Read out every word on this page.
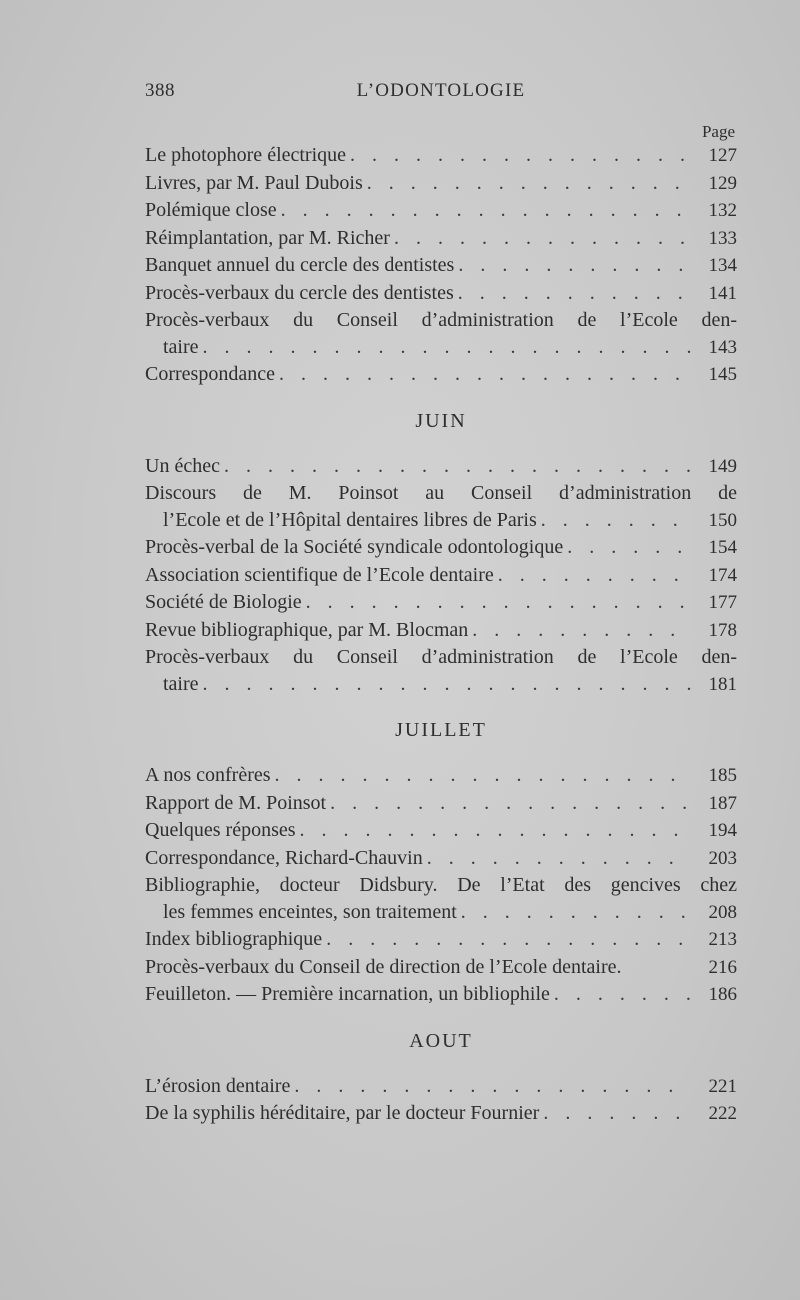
388	L’ODONTOLOGIE
Page
Le photophore électrique . . .	127
Livres, par M. Paul Dubois . . .	129
Polémique close . . .	132
Réimplantation, par M. Richer . . .	133
Banquet annuel du cercle des dentistes . . .	134
Procès-verbaux du cercle des dentistes . . .	141
Procès-verbaux du Conseil d’administration de l’Ecole den-
taire . . .	143
Correspondance . . .	145
JUIN
Un échec . . .	149
Discours de M. Poinsot au Conseil d’administration de
l’Ecole et de l’Hôpital dentaires libres de Paris . . .	150
Procès-verbal de la Société syndicale odontologique . . .	154
Association scientifique de l’Ecole dentaire . . .	174
Société de Biologie . . .	177
Revue bibliographique, par M. Blocman . . .	178
Procès-verbaux du Conseil d’administration de l’Ecole den-
taire . . .	181
JUILLET
A nos confrères . . .	185
Rapport de M. Poinsot . . .	187
Quelques réponses . . .	194
Correspondance, Richard-Chauvin . . .	203
Bibliographie, docteur Didsbury. De l’Etat des gencives chez
les femmes enceintes, son traitement . . .	208
Index bibliographique . . .	213
Procès-verbaux du Conseil de direction de l’Ecole dentaire.	216
Feuilleton. — Première incarnation, un bibliophile . . .	186
AOUT
L’érosion dentaire . . .	221
De la syphilis héréditaire, par le docteur Fournier . . .	222
